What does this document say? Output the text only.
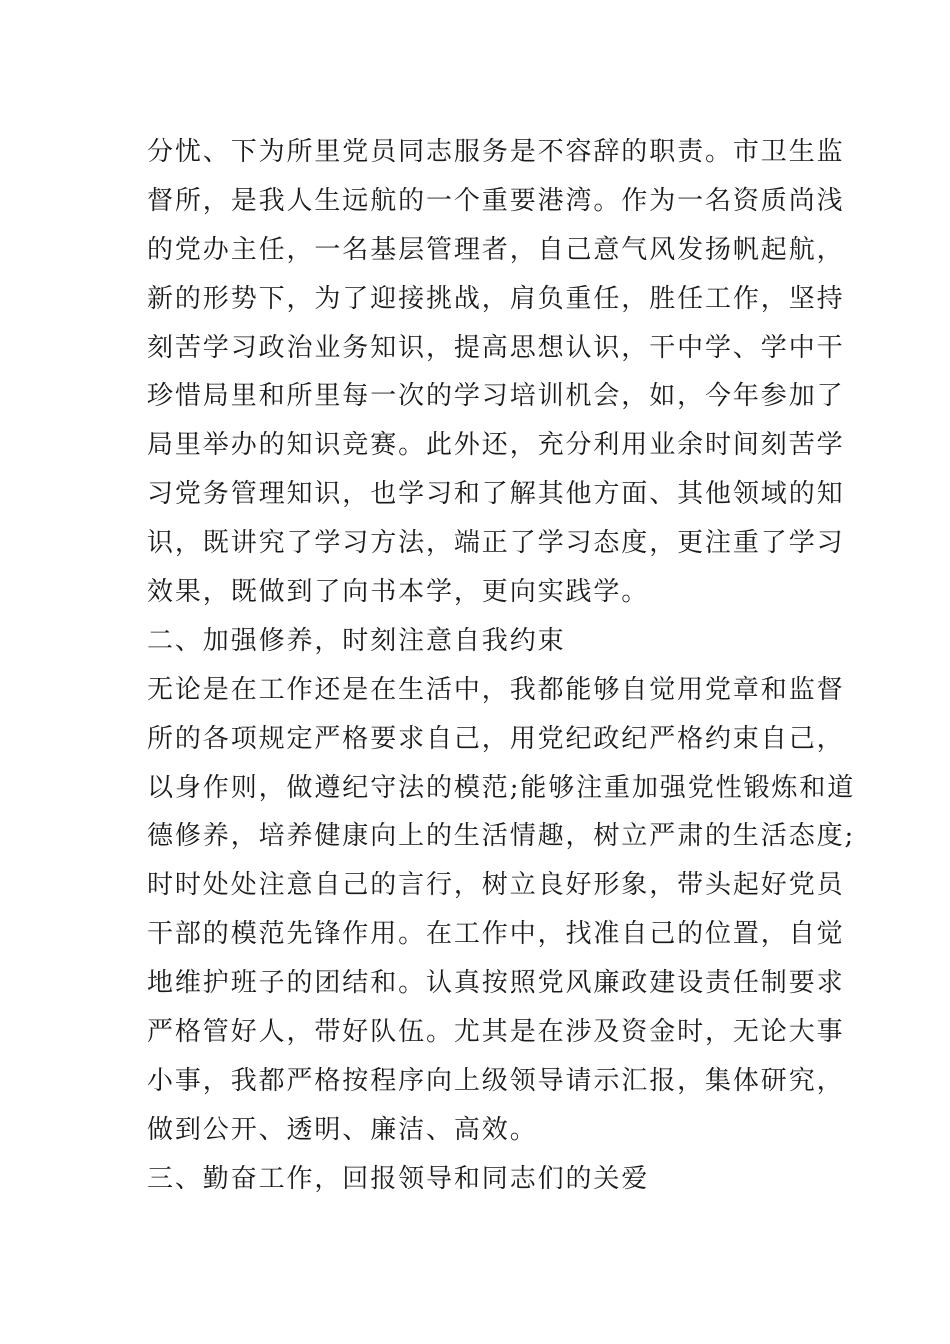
分忧、下为所里党员同志服务是不容辞的职责。市卫生监
督所，是我人生远航的一个重要港湾。作为一名资质尚浅
的党办主任，一名基层管理者，自己意气风发扬帆起航，
新的形势下，为了迎接挑战，肩负重任，胜任工作，坚持
刻苦学习政治业务知识，提高思想认识，干中学、学中干
珍惜局里和所里每一次的学习培训机会，如，今年参加了
局里举办的知识竞赛。此外还，充分利用业余时间刻苦学
习党务管理知识，也学习和了解其他方面、其他领域的知
识，既讲究了学习方法，端正了学习态度，更注重了学习
效果，既做到了向书本学，更向实践学。
二、加强修养，时刻注意自我约束
无论是在工作还是在生活中，我都能够自觉用党章和监督
所的各项规定严格要求自己，用党纪政纪严格约束自己，
以身作则，做遵纪守法的模范;能够注重加强党性锻炼和道
德修养，培养健康向上的生活情趣，树立严肃的生活态度;
时时处处注意自己的言行，树立良好形象，带头起好党员
干部的模范先锋作用。在工作中，找准自己的位置，自觉
地维护班子的团结和。认真按照党风廉政建设责任制要求
严格管好人，带好队伍。尤其是在涉及资金时，无论大事
小事，我都严格按程序向上级领导请示汇报，集体研究，
做到公开、透明、廉洁、高效。
三、勤奋工作，回报领导和同志们的关爱
